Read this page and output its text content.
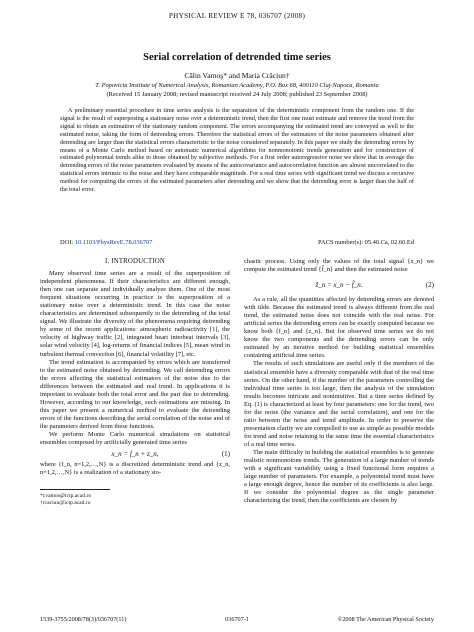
PHYSICAL REVIEW E 78, 036707 (2008)
Serial correlation of detrended time series
Călin Vamoş* and Maria Crăciun†
T. Popoviciu Institute of Numerical Analysis, Romanian Academy, P.O. Box 68, 400110 Cluj-Napoca, Romania
(Received 15 January 2008; revised manuscript received 24 July 2008; published 23 September 2008)

A preliminary essential procedure in time series analysis is the separation of the deterministic component from the random one. If the signal is the result of superposing a stationary noise over a deterministic trend, then the first one must estimate and remove the trend from the signal to obtain an estimation of the stationary random component. The errors accompanying the estimated trend are conveyed as well to the estimated noise, taking the form of detrending errors. Therefore the statistical errors of the estimators of the noise parameters obtained after detrending are larger than the statistical errors characteristic to the noise considered separately. In this paper we study the detrending errors by means of a Monte Carlo method based on automatic numerical algorithms for nonmonotonic trends generation and for construction of estimated polynomial trends alike to those obtained by subjective methods. For a first order autoregressive noise we show that in average the detrending errors of the noise parameters evaluated by means of the autocovariance and autocorrelation function are almost uncorrelated to the statistical errors intrinsic to the noise and they have comparable magnitude. For a real time series with significant trend we discuss a recursive method for computing the errors of the estimated parameters after detrending and we show that the detrending error is larger than the half of the total error.

DOI: 10.1103/PhysRevE.78.036707	PACS number(s): 05.40.Ca, 02.60.Ed
I. INTRODUCTION

Many observed time series are a result of the superposition of independent phenomena. If their characteristics are different enough, then one can separate and individually analyze them. One of the most frequent situations occurring in practice is the superposition of a stationary noise over a deterministic trend. In this case the noise characteristics are determined subsequently to the detrending of the total signal. We illustrate the diversity of the phenomena requiring detrending by some of the recent applications: atmospheric radioactivity [1], the velocity of highway traffic [2], integrated heart interbeat intervals [3], solar wind velocity [4], log-returns of financial indices [5], mean wind in turbulent thermal convection [6], financial volatility [7], etc.

The trend estimation is accompanied by errors which are transferred to the estimated noise obtained by detrending. We call detrending errors the errors affecting the statistical estimators of the noise due to the differences between the estimated and real trend. In applications it is important to evaluate both the total error and the part due to detrending. However, according to our knowledge, such estimations are missing. In this paper we present a numerical method to evaluate the detrending errors of the functions describing the serial correlation of the noise and of the parameters derived from these functions.

We perform Monte Carlo numerical simulations on statistical ensembles composed by artificially generated time series

x_n = f_n + z_n,	(1)

where {f_n, n=1,2,…,N} is a discretized deterministic trend and {z_n, n=1,2,…,N} is a realization of a stationary sto-

*cvamos@ictp.acad.ro

†craciun@ictp.acad.ro

chastic process. Using only the values of the total signal {x_n} we compute the estimated trend {f̃_n} and then the estimated noise

z̃_n = x_n − f̃_n.	(2)

As a rule, all the quantities affected by detrending errors are denoted with tilde. Because the estimated trend is always different from the real trend, the estimated noise does not coincide with the real noise. For artificial series the detrending errors can be exactly computed because we know both {f_n} and {z_n}. But for observed time series we do not know the two components and the detrending errors can be only estimated by an iterative method for building statistical ensembles containing artificial time series.

The results of such simulations are useful only if the members of the statistical ensemble have a diversity comparable with that of the real time series. On the other hand, if the number of the parameters controlling the individual time series is too large, then the analysis of the simulation results becomes intricate and nonintuitive. But a time series defined by Eq. (1) is characterized at least by four parameters: one for the trend, two for the noise (the variance and the serial correlation), and one for the ratio between the noise and trend amplitude. In order to preserve the presentation clarity we are compelled to use as simple as possible models for trend and noise retaining in the same time the essential characteristics of a real time series.

The main difficulty in building the statistical ensembles is to generate realistic nonmonotone trends. The generation of a large number of trends with a significant variability using a fixed functional form requires a large number of parameters. For example, a polynomial trend must have a large enough degree, hence the number of its coefficients is also large. If we consider the polynomial degree as the single parameter characterizing the trend, then the coefficients are chosen by

1539-3755/2008/78(3)/036707(11)	036707-1	©2008 The American Physical Society
